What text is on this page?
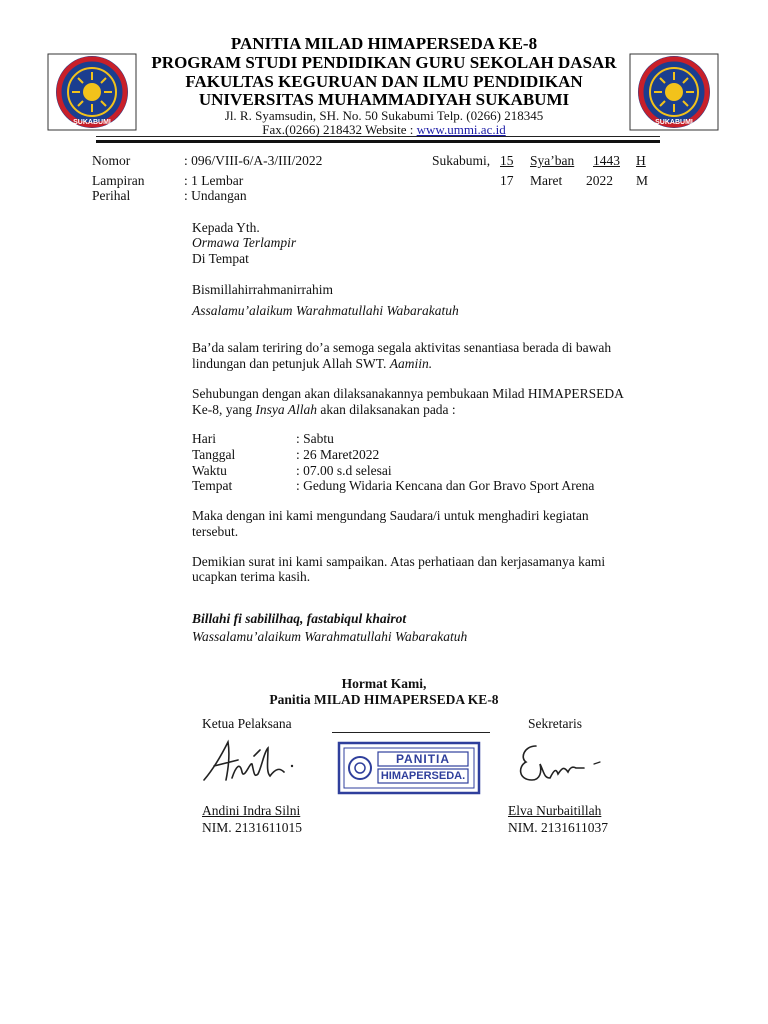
SUKABUMI	SUKABUMI
PANITIA MILAD HIMAPERSEDA KE-8
PROGRAM STUDI PENDIDIKAN GURU SEKOLAH DASAR
FAKULTAS KEGURUAN DAN ILMU PENDIDIKAN
UNIVERSITAS MUHAMMADIYAH SUKABUMI
Jl. R. Syamsudin, SH. No. 50 Sukabumi Telp. (0266) 218345
Fax.(0266) 218432 Website : www.ummi.ac.id
Nomor	: 096/VIII-6/A-3/III/2022
Lampiran	: 1 Lembar
Perihal	: Undangan
Sukabumi, 15 Sya’ban 1443 H
17 Maret 2022 M
Kepada Yth.
Ormawa Terlampir
Di Tempat
Bismillahirrahmanirrahim
Assalamu’alaikum Warahmatullahi Wabarakatuh
Ba’da salam teriring do’a semoga segala aktivitas senantiasa berada di bawah
lindungan dan petunjuk Allah SWT. Aamiin.
Sehubungan dengan akan dilaksanakannya pembukaan Milad HIMAPERSEDA
Ke-8, yang Insya Allah akan dilaksanakan pada :
Hari	: Sabtu
Tanggal	: 26 Maret2022
Waktu	: 07.00 s.d selesai
Tempat	: Gedung Widaria Kencana dan Gor Bravo Sport Arena
Maka dengan ini kami mengundang Saudara/i untuk menghadiri kegiatan
tersebut.
Demikian surat ini kami sampaikan. Atas perhatiaan dan kerjasamanya kami
ucapkan terima kasih.
Billahi fi sabililhaq, fastabiqul khairot
Wassalamu’alaikum Warahmatullahi Wabarakatuh
Hormat Kami,
Panitia MILAD HIMAPERSEDA KE-8
Ketua Pelaksana	Sekretaris
PANITIA
HIMAPERSEDA.
Andini Indra Silni
NIM. 2131611015
Elva Nurbaitillah
NIM. 2131611037
